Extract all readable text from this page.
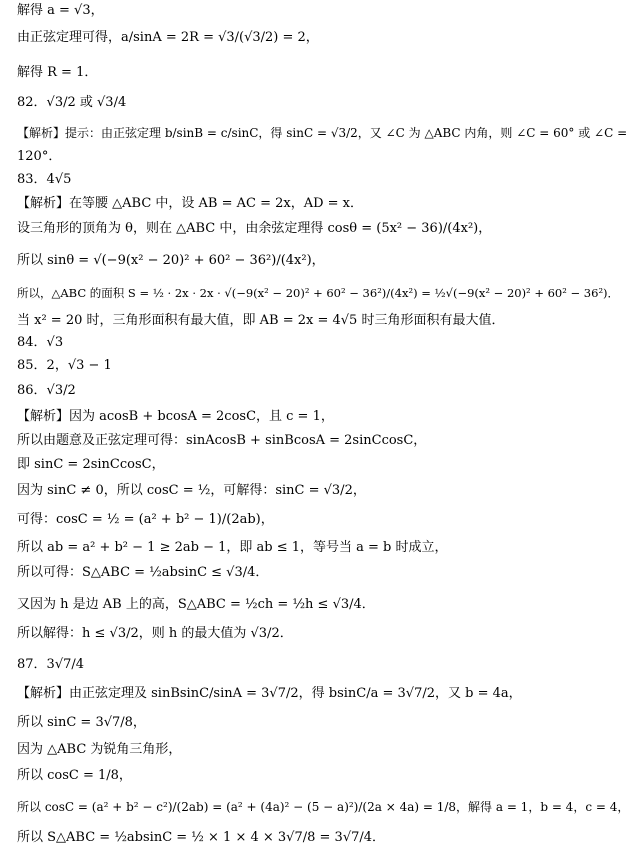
解得 a = √3，
由正弦定理可得，a/sinA = 2R = √3/(√3/2) = 2，
解得 R = 1．
82．√3/2 或 √3/4
【解析】提示：由正弦定理 b/sinB = c/sinC，得 sinC = √3/2，又 ∠C 为 △ABC 内角，则 ∠C = 60° 或 ∠C =
120°．
83．4√5
【解析】在等腰 △ABC 中，设 AB = AC = 2x，AD = x．
设三角形的顶角为 θ，则在 △ABC 中，由余弦定理得 cosθ = (5x² − 36)/(4x²)，
所以 sinθ = √(−9(x² − 20)² + 60² − 36²)/(4x²)，
所以，△ABC 的面积 S = ½ · 2x · 2x · √(−9(x² − 20)² + 60² − 36²)/(4x²) = ½√(−9(x² − 20)² + 60² − 36²)．
当 x² = 20 时，三角形面积有最大值，即 AB = 2x = 4√5 时三角形面积有最大值．
84．√3
85．2，√3 − 1
86．√3/2
【解析】因为 acosB + bcosA = 2cosC，且 c = 1，
所以由题意及正弦定理可得：sinAcosB + sinBcosA = 2sinCcosC，
即 sinC = 2sinCcosC，
因为 sinC ≠ 0，所以 cosC = ½，可解得：sinC = √3/2，
可得：cosC = ½ = (a² + b² − 1)/(2ab)，
所以 ab = a² + b² − 1 ≥ 2ab − 1，即 ab ≤ 1，等号当 a = b 时成立，
所以可得：S△ABC = ½absinC ≤ √3/4．
又因为 h 是边 AB 上的高，S△ABC = ½ch = ½h ≤ √3/4．
所以解得：h ≤ √3/2，则 h 的最大值为 √3/2．
87．3√7/4
【解析】由正弦定理及 sinBsinC/sinA = 3√7/2，得 bsinC/a = 3√7/2，又 b = 4a，
所以 sinC = 3√7/8，
因为 △ABC 为锐角三角形，
所以 cosC = 1/8，
所以 cosC = (a² + b² − c²)/(2ab) = (a² + (4a)² − (5 − a)²)/(2a × 4a) = 1/8，解得 a = 1，b = 4，c = 4，
所以 S△ABC = ½absinC = ½ × 1 × 4 × 3√7/8 = 3√7/4．
